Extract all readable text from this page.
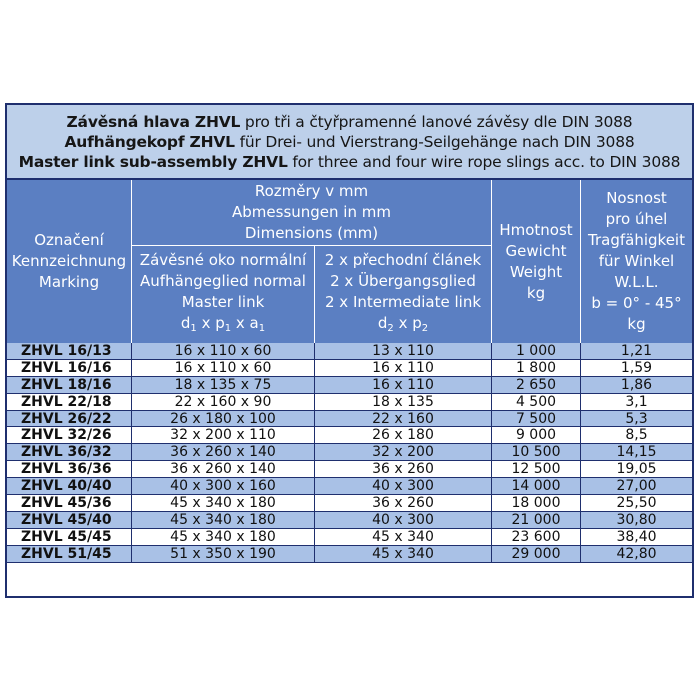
Závěsná hlava ZHVL pro tři a čtyřpramenné lanové závěsy dle DIN 3088
Aufhängekopf ZHVL für Drei- und Vierstrang-Seilgehänge nach DIN 3088
Master link sub-assembly ZHVL for three and four wire rope slings acc. to DIN 3088
Označení
Kennzeichnung
Marking
Rozměry v mm
Abmessungen in mm
Dimensions (mm)
Závěsné oko normální
Aufhängeglied normal
Master link
$d_1$ x $p_1$ x $a_1$
2 x přechodní článek
2 x Übergangsglied
2 x Intermediate link
$d_2$ x $p_2$
Hmotnost
Gewicht
Weight
kg
Nosnost
pro úhel
Tragfähigkeit
für Winkel
W.L.L.
b = 0° - 45°
kg
ZHVL 16/13	16 x 110 x 60	13 x 110	1 000	1,21
ZHVL 16/16	16 x 110 x 60	16 x 110	1 800	1,59
ZHVL 18/16	18 x 135 x 75	16 x 110	2 650	1,86
ZHVL 22/18	22 x 160 x 90	18 x 135	4 500	3,1
ZHVL 26/22	26 x 180 x 100	22 x 160	7 500	5,3
ZHVL 32/26	32 x 200 x 110	26 x 180	9 000	8,5
ZHVL 36/32	36 x 260 x 140	32 x 200	10 500	14,15
ZHVL 36/36	36 x 260 x 140	36 x 260	12 500	19,05
ZHVL 40/40	40 x 300 x 160	40 x 300	14 000	27,00
ZHVL 45/36	45 x 340 x 180	36 x 260	18 000	25,50
ZHVL 45/40	45 x 340 x 180	40 x 300	21 000	30,80
ZHVL 45/45	45 x 340 x 180	45 x 340	23 600	38,40
ZHVL 51/45	51 x 350 x 190	45 x 340	29 000	42,80
